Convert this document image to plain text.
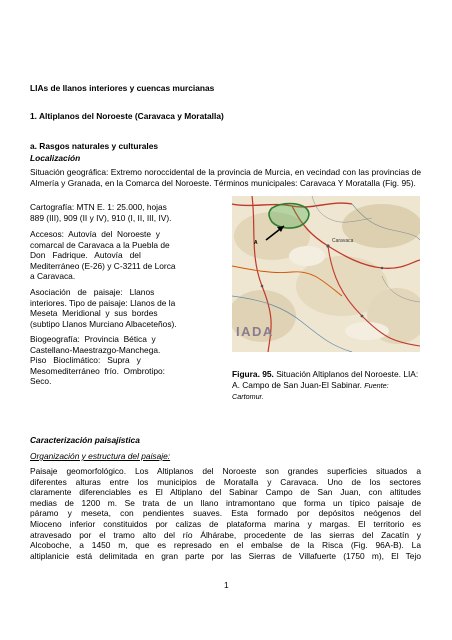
LIAs de llanos interiores y cuencas murcianas

1. Altiplanos del Noroeste (Caravaca y Moratalla)

a. Rasgos naturales y culturales

Localización

Situación geográfica: Extremo noroccidental de la provincia de Murcia, en vecindad con las provincias de Almería y Granada, en la Comarca del Noroeste. Términos municipales: Caravaca Y Moratalla (Fig. 95).

Cartografía: MTN E. 1: 25.000, hojas

889 (III), 909 (II y IV), 910 (I, II, III, IV).

Accesos:  Autovía  del  Noroeste  y

comarcal de Caravaca a la Puebla de

Don   Fadrique.   Autovía   del

Mediterráneo (E-26) y C-3211 de Lorca

a Caravaca.

Asociación   de   paisaje:   Llanos

interiores. Tipo de paisaje: Llanos de la

Meseta  Meridional  y  sus  bordes

(subtipo Llanos Murciano Albaceteños).

Biogeografía:  Provincia  Bética  y

Castellano-Maestrazgo-Manchega.

Piso   Bioclimático:   Supra   y

Mesomediterráneo  frío.  Ombrotipo:

Seco.

A	Caravaca
IADA

Figura. 95. Situación Altiplanos del Noroeste. LIA:
A. Campo de San Juan-El Sabinar. Fuente: Cartomur.

Caracterización paisajística

Organización y estructura del paisaje:

Paisaje geomorfológico. Los Altiplanos del Noroeste son grandes superficies situados a

diferentes alturas entre los municipios de Moratalla y Caravaca. Uno de los sectores

claramente diferenciables es El Altiplano del Sabinar Campo de San Juan, con altitudes

medias de 1200 m. Se trata de un llano intramontano que forma un típico paisaje de

páramo y meseta, con pendientes suaves. Esta formado por depósitos neógenos del

Mioceno inferior constituidos por calizas de plataforma marina y margas. El territorio es

atravesado por el tramo alto del río Álhárabe, procedente de las sierras del Zacatín y

Alcoboche, a 1450 m, que es represado en el embalse de la Risca (Fig. 96A-B). La

altiplanicie está delimitada en gran parte por las Sierras de Villafuerte (1750 m), El Tejo

1
